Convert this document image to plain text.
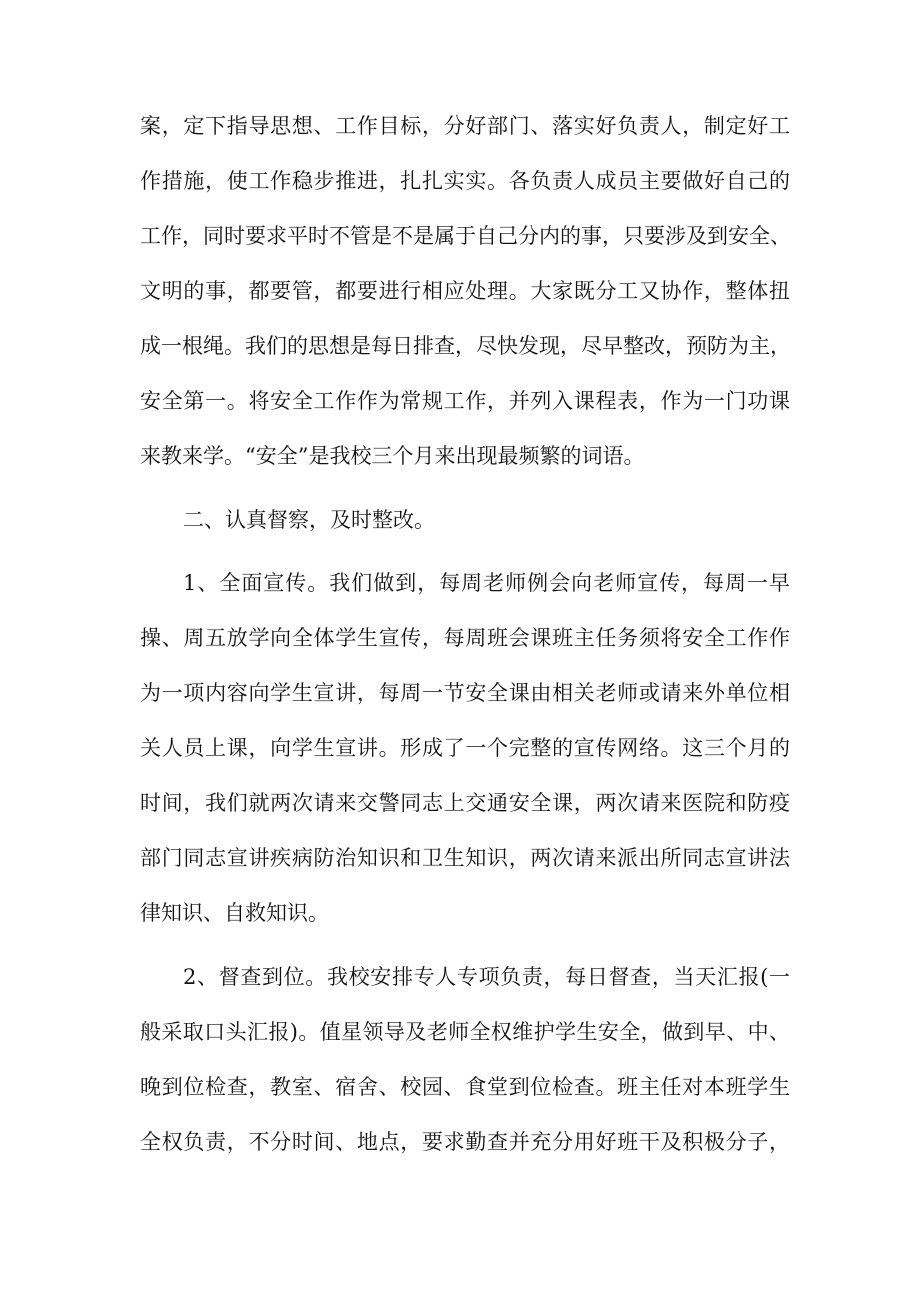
案，定下指导思想、工作目标，分好部门、落实好负责人，制定好工

作措施，使工作稳步推进，扎扎实实。各负责人成员主要做好自己的

工作，同时要求平时不管是不是属于自己分内的事，只要涉及到安全、

文明的事，都要管，都要进行相应处理。大家既分工又协作，整体扭

成一根绳。我们的思想是每日排查，尽快发现，尽早整改，预防为主，

安全第一。将安全工作作为常规工作，并列入课程表，作为一门功课

来教来学。“安全”是我校三个月来出现最频繁的词语。

二、认真督察，及时整改。

1、全面宣传。我们做到，每周老师例会向老师宣传，每周一早

操、周五放学向全体学生宣传，每周班会课班主任务须将安全工作作

为一项内容向学生宣讲，每周一节安全课由相关老师或请来外单位相

关人员上课，向学生宣讲。形成了一个完整的宣传网络。这三个月的

时间，我们就两次请来交警同志上交通安全课，两次请来医院和防疫

部门同志宣讲疾病防治知识和卫生知识，两次请来派出所同志宣讲法

律知识、自救知识。

2、督查到位。我校安排专人专项负责，每日督查，当天汇报(一

般采取口头汇报)。值星领导及老师全权维护学生安全，做到早、中、

晚到位检查，教室、宿舍、校园、食堂到位检查。班主任对本班学生

全权负责，不分时间、地点，要求勤查并充分用好班干及积极分子，
